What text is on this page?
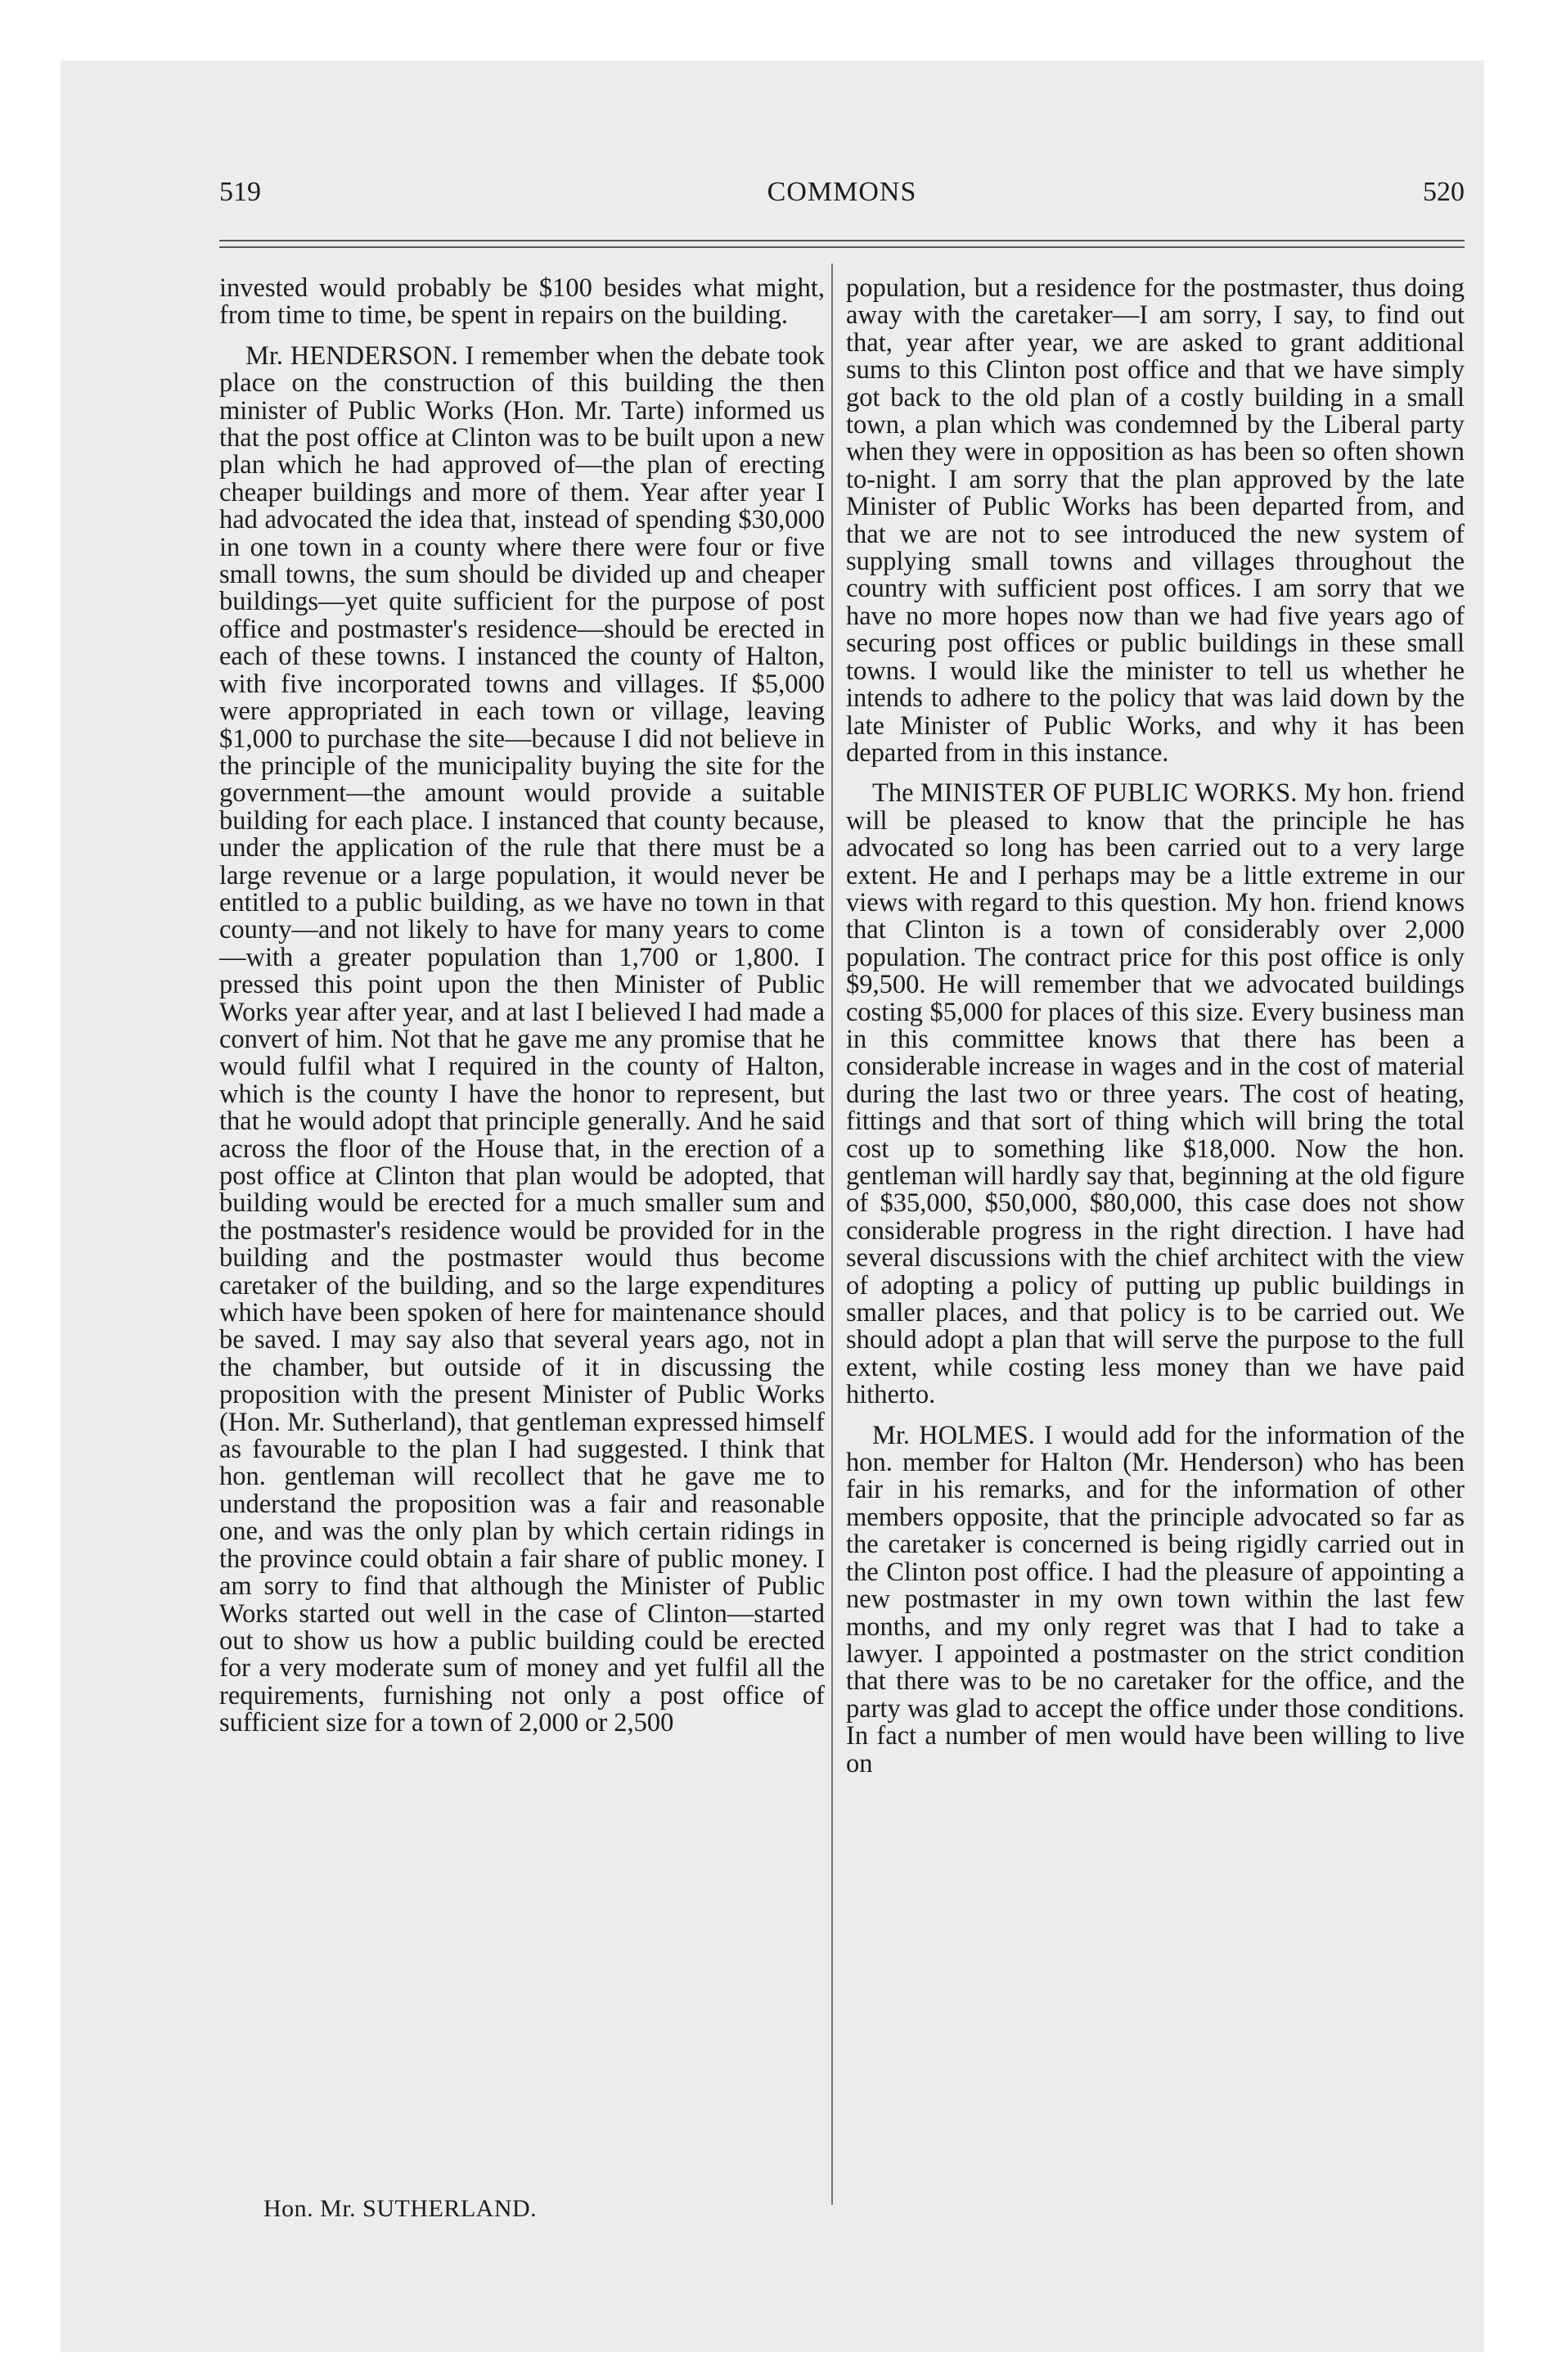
519	COMMONS	520

invested would probably be $100 besides what might, from time to time, be spent in repairs on the building.

Mr. HENDERSON. I remember when the debate took place on the construction of this building the then minister of Public Works (Hon. Mr. Tarte) informed us that the post office at Clinton was to be built upon a new plan which he had approved of—the plan of erecting cheaper buildings and more of them. Year after year I had advocated the idea that, instead of spending $30,000 in one town in a county where there were four or five small towns, the sum should be divided up and cheaper buildings—yet quite sufficient for the purpose of post office and postmaster's residence—should be erected in each of these towns. I instanced the county of Halton, with five incorporated towns and villages. If $5,000 were appropriated in each town or village, leaving $1,000 to purchase the site—because I did not believe in the principle of the municipality buying the site for the government—the amount would provide a suitable building for each place. I instanced that county because, under the application of the rule that there must be a large revenue or a large population, it would never be entitled to a public building, as we have no town in that county—and not likely to have for many years to come—with a greater population than 1,700 or 1,800. I pressed this point upon the then Minister of Public Works year after year, and at last I believed I had made a convert of him. Not that he gave me any promise that he would fulfil what I required in the county of Halton, which is the county I have the honor to represent, but that he would adopt that principle generally. And he said across the floor of the House that, in the erection of a post office at Clinton that plan would be adopted, that building would be erected for a much smaller sum and the postmaster's residence would be provided for in the building and the postmaster would thus become caretaker of the building, and so the large expenditures which have been spoken of here for maintenance should be saved. I may say also that several years ago, not in the chamber, but outside of it in discussing the proposition with the present Minister of Public Works (Hon. Mr. Sutherland), that gentleman expressed himself as favourable to the plan I had suggested. I think that hon. gentleman will recollect that he gave me to understand the proposition was a fair and reasonable one, and was the only plan by which certain ridings in the province could obtain a fair share of public money. I am sorry to find that although the Minister of Public Works started out well in the case of Clinton—started out to show us how a public building could be erected for a very moderate sum of money and yet fulfil all the requirements, furnishing not only a post office of sufficient size for a town of 2,000 or 2,500

population, but a residence for the postmaster, thus doing away with the caretaker—I am sorry, I say, to find out that, year after year, we are asked to grant additional sums to this Clinton post office and that we have simply got back to the old plan of a costly building in a small town, a plan which was condemned by the Liberal party when they were in opposition as has been so often shown to-night. I am sorry that the plan approved by the late Minister of Public Works has been departed from, and that we are not to see introduced the new system of supplying small towns and villages throughout the country with sufficient post offices. I am sorry that we have no more hopes now than we had five years ago of securing post offices or public buildings in these small towns. I would like the minister to tell us whether he intends to adhere to the policy that was laid down by the late Minister of Public Works, and why it has been departed from in this instance.

The MINISTER OF PUBLIC WORKS. My hon. friend will be pleased to know that the principle he has advocated so long has been carried out to a very large extent. He and I perhaps may be a little extreme in our views with regard to this question. My hon. friend knows that Clinton is a town of considerably over 2,000 population. The contract price for this post office is only $9,500. He will remember that we advocated buildings costing $5,000 for places of this size. Every business man in this committee knows that there has been a considerable increase in wages and in the cost of material during the last two or three years. The cost of heating, fittings and that sort of thing which will bring the total cost up to something like $18,000. Now the hon. gentleman will hardly say that, beginning at the old figure of $35,000, $50,000, $80,000, this case does not show considerable progress in the right direction. I have had several discussions with the chief architect with the view of adopting a policy of putting up public buildings in smaller places, and that policy is to be carried out. We should adopt a plan that will serve the purpose to the full extent, while costing less money than we have paid hitherto.

Mr. HOLMES. I would add for the information of the hon. member for Halton (Mr. Henderson) who has been fair in his remarks, and for the information of other members opposite, that the principle advocated so far as the caretaker is concerned is being rigidly carried out in the Clinton post office. I had the pleasure of appointing a new postmaster in my own town within the last few months, and my only regret was that I had to take a lawyer. I appointed a postmaster on the strict condition that there was to be no caretaker for the office, and the party was glad to accept the office under those conditions. In fact a number of men would have been willing to live on

Hon. Mr. SUTHERLAND.
